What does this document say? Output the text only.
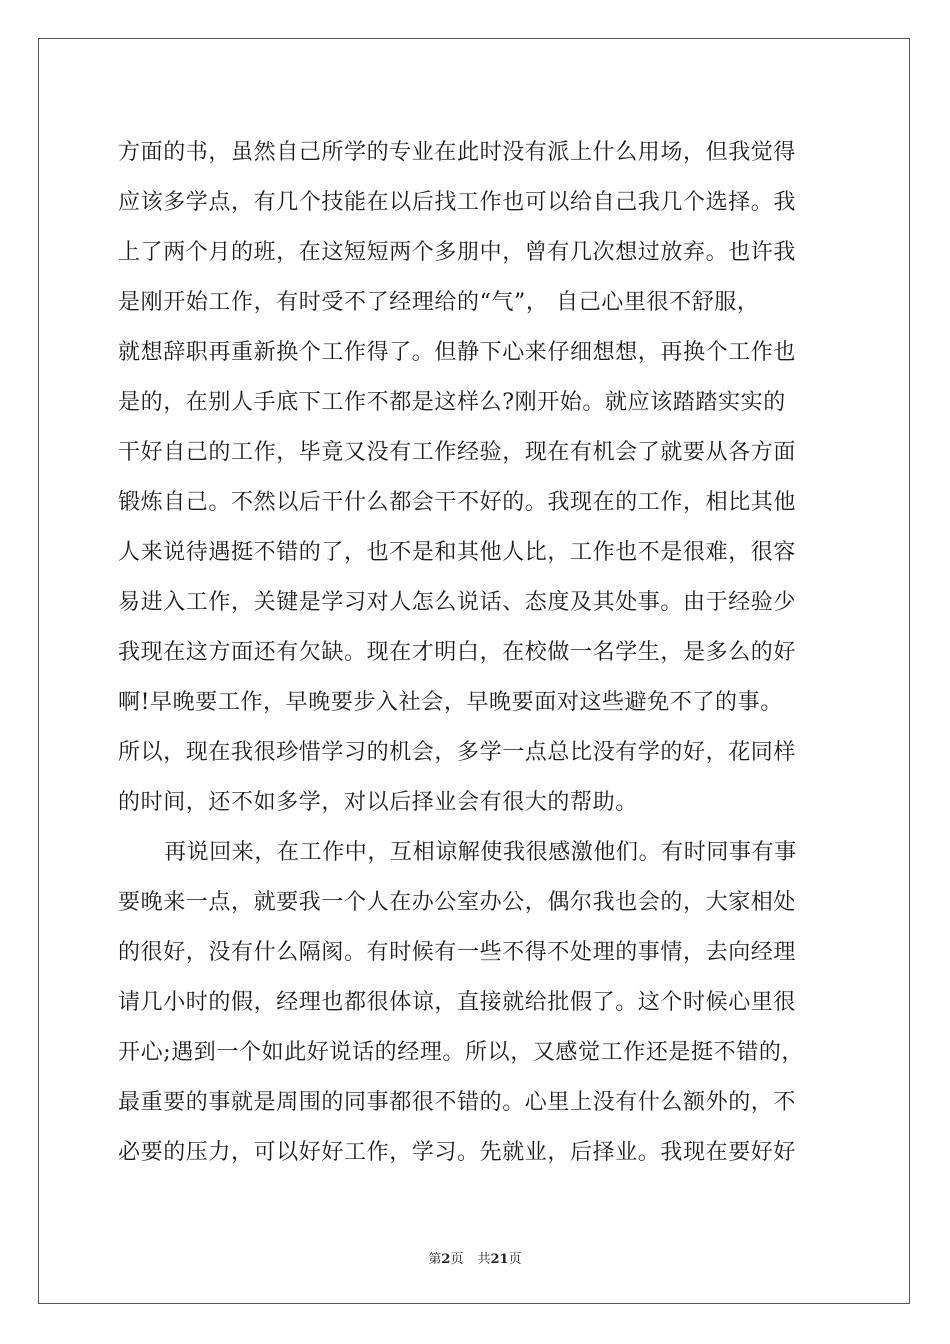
方面的书，虽然自己所学的专业在此时没有派上什么用场，但我觉得
应该多学点，有几个技能在以后找工作也可以给自己我几个选择。我
上了两个月的班，在这短短两个多朋中，曾有几次想过放弃。也许我
是刚开始工作，有时受不了经理给的“气”， 自己心里很不舒服，
就想辞职再重新换个工作得了。但静下心来仔细想想，再换个工作也
是的，在别人手底下工作不都是这样么?刚开始。就应该踏踏实实的
干好自己的工作，毕竟又没有工作经验，现在有机会了就要从各方面
锻炼自己。不然以后干什么都会干不好的。我现在的工作，相比其他
人来说待遇挺不错的了，也不是和其他人比，工作也不是很难，很容
易进入工作，关键是学习对人怎么说话、态度及其处事。由于经验少
我现在这方面还有欠缺。现在才明白，在校做一名学生，是多么的好
啊!早晚要工作，早晚要步入社会，早晚要面对这些避免不了的事。
所以，现在我很珍惜学习的机会，多学一点总比没有学的好，花同样
的时间，还不如多学，对以后择业会有很大的帮助。
再说回来，在工作中，互相谅解使我很感激他们。有时同事有事
要晚来一点，就要我一个人在办公室办公，偶尔我也会的，大家相处
的很好，没有什么隔阂。有时候有一些不得不处理的事情，去向经理
请几小时的假，经理也都很体谅，直接就给批假了。这个时候心里很
开心;遇到一个如此好说话的经理。所以，又感觉工作还是挺不错的，
最重要的事就是周围的同事都很不错的。心里上没有什么额外的，不
必要的压力，可以好好工作，学习。先就业，后择业。我现在要好好
第2页 共21页
